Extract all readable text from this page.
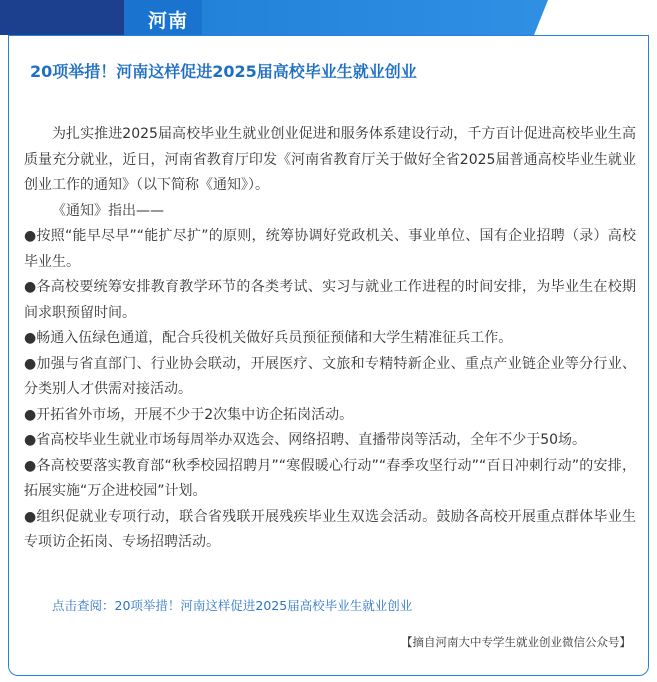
河南
20项举措！河南这样促进2025届高校毕业生就业创业

为扎实推进2025届高校毕业生就业创业促进和服务体系建设行动，千方百计促进高校毕业生高质量充分就业，近日，河南省教育厅印发《河南省教育厅关于做好全省2025届普通高校毕业生就业创业工作的通知》（以下简称《通知》）。

《通知》指出——

●按照“能早尽早”“能扩尽扩”的原则，统筹协调好党政机关、事业单位、国有企业招聘（录）高校毕业生。

●各高校要统筹安排教育教学环节的各类考试、实习与就业工作进程的时间安排，为毕业生在校期间求职预留时间。

●畅通入伍绿色通道，配合兵役机关做好兵员预征预储和大学生精准征兵工作。

●加强与省直部门、行业协会联动，开展医疗、文旅和专精特新企业、重点产业链企业等分行业、分类别人才供需对接活动。

●开拓省外市场，开展不少于2次集中访企拓岗活动。

●省高校毕业生就业市场每周举办双选会、网络招聘、直播带岗等活动，全年不少于50场。

●各高校要落实教育部“秋季校园招聘月”“寒假暖心行动”“春季攻坚行动”“百日冲刺行动”的安排，拓展实施“万企进校园”计划。

●组织促就业专项行动，联合省残联开展残疾毕业生双选会活动。鼓励各高校开展重点群体毕业生专项访企拓岗、专场招聘活动。

点击查阅：20项举措！河南这样促进2025届高校毕业生就业创业
【摘自河南大中专学生就业创业微信公众号】
